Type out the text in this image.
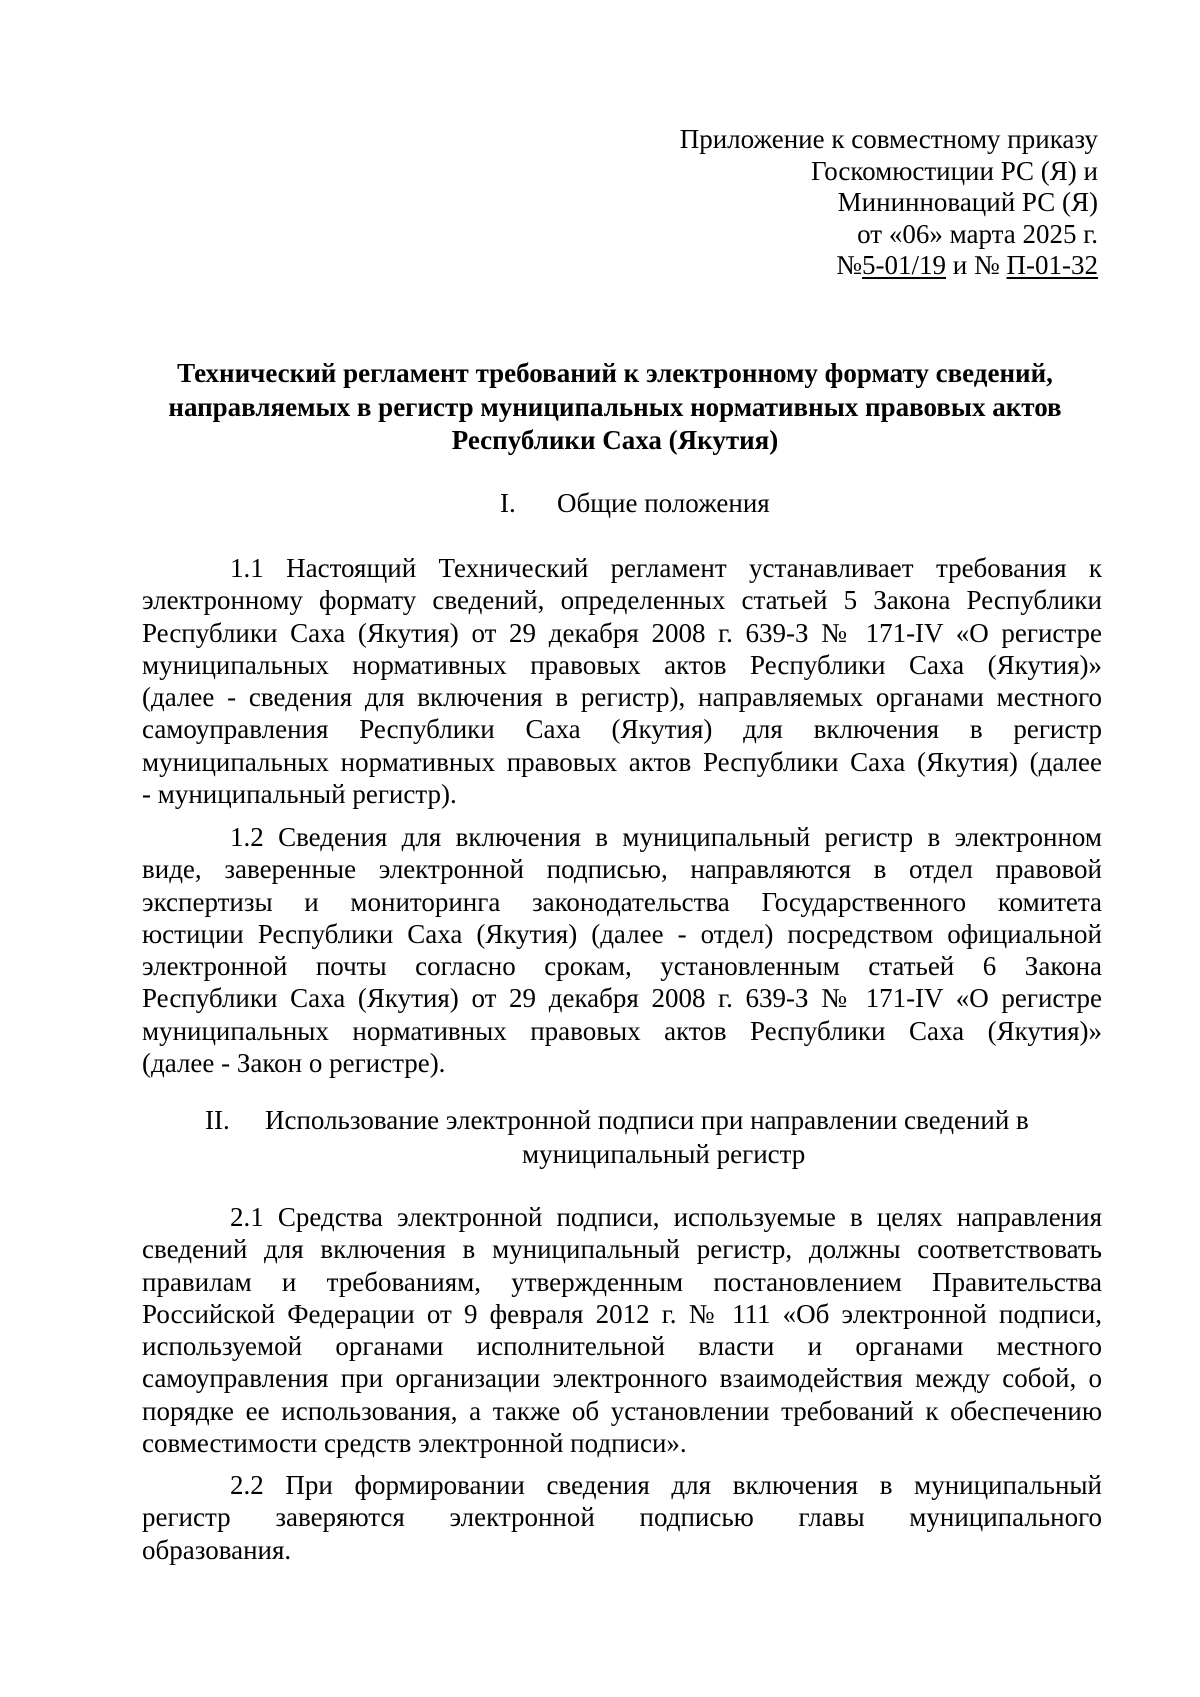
Приложение к совместному приказу
Госкомюстиции РС (Я) и
Мининноваций РС (Я)
от «06» марта 2025 г.
№5-01/19 и № П-01-32
Технический регламент требований к электронному формату сведений,
направляемых в регистр муниципальных нормативных правовых актов
Республики Саха (Якутия)
I. Общие положения
1.1 Настоящий Технический регламент устанавливает требования к
электронному формату сведений, определенных статьей 5 Закона Республики
Республики Саха (Якутия) от 29 декабря 2008 г. 639-З № 171-IV «О регистре
муниципальных нормативных правовых актов Республики Саха (Якутия)»
(далее - сведения для включения в регистр), направляемых органами местного
самоуправления Республики Саха (Якутия) для включения в регистр
муниципальных нормативных правовых актов Республики Саха (Якутия) (далее
- муниципальный регистр).
1.2 Сведения для включения в муниципальный регистр в электронном
виде, заверенные электронной подписью, направляются в отдел правовой
экспертизы и мониторинга законодательства Государственного комитета
юстиции Республики Саха (Якутия) (далее - отдел) посредством официальной
электронной почты согласно срокам, установленным статьей 6 Закона
Республики Саха (Якутия) от 29 декабря 2008 г. 639-З № 171-IV «О регистре
муниципальных нормативных правовых актов Республики Саха (Якутия)»
(далее - Закон о регистре).
II. Использование электронной подписи при направлении сведений в
муниципальный регистр
2.1 Средства электронной подписи, используемые в целях направления
сведений для включения в муниципальный регистр, должны соответствовать
правилам и требованиям, утвержденным постановлением Правительства
Российской Федерации от 9 февраля 2012 г. № 111 «Об электронной подписи,
используемой органами исполнительной власти и органами местного
самоуправления при организации электронного взаимодействия между собой, о
порядке ее использования, а также об установлении требований к обеспечению
совместимости средств электронной подписи».
2.2 При формировании сведения для включения в муниципальный
регистр заверяются электронной подписью главы муниципального
образования.
